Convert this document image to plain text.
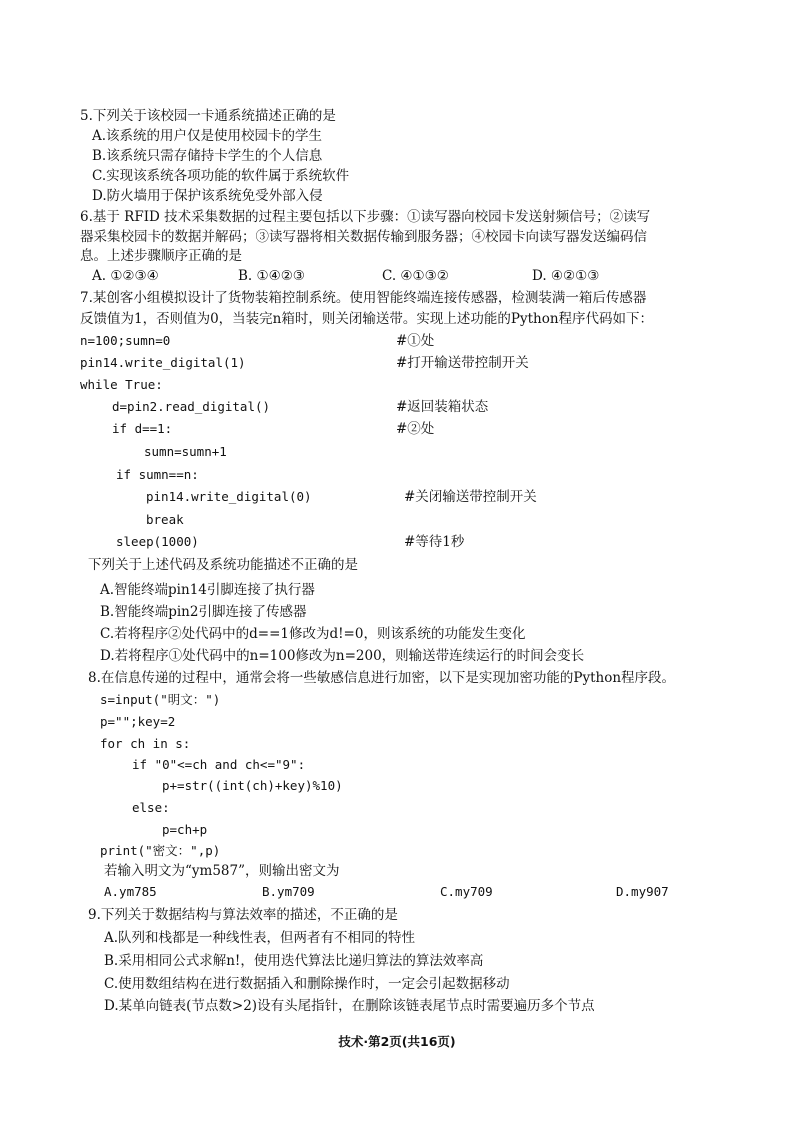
5.下列关于该校园一卡通系统描述正确的是
A.该系统的用户仅是使用校园卡的学生
B.该系统只需存储持卡学生的个人信息
C.实现该系统各项功能的软件属于系统软件
D.防火墙用于保护该系统免受外部入侵
6.基于 RFID 技术采集数据的过程主要包括以下步骤：①读写器向校园卡发送射频信号；②读写
器采集校园卡的数据并解码；③读写器将相关数据传输到服务器；④校园卡向读写器发送编码信
息。上述步骤顺序正确的是
A. ①②③④	B. ①④②③	C. ④①③②	D. ④②①③
7.某创客小组模拟设计了货物装箱控制系统。使用智能终端连接传感器，检测装满一箱后传感器
反馈值为1，否则值为0，当装完n箱时，则关闭输送带。实现上述功能的Python程序代码如下：
n=100;sumn=0	#①处
pin14.write_digital(1)	#打开输送带控制开关
while True:
d=pin2.read_digital()	#返回装箱状态
if d==1:	#②处
sumn=sumn+1
if sumn==n:
pin14.write_digital(0)	#关闭输送带控制开关
break
sleep(1000)	#等待1秒
下列关于上述代码及系统功能描述不正确的是
A.智能终端pin14引脚连接了执行器
B.智能终端pin2引脚连接了传感器
C.若将程序②处代码中的d==1修改为d!=0，则该系统的功能发生变化
D.若将程序①处代码中的n=100修改为n=200，则输送带连续运行的时间会变长
8.在信息传递的过程中，通常会将一些敏感信息进行加密，以下是实现加密功能的Python程序段。
s=input("明文：")
p="";key=2
for ch in s:
if "0"<=ch and ch<="9":
p+=str((int(ch)+key)%10)
else:
p=ch+p
print("密文：",p)
若输入明文为“ym587”，则输出密文为
A.ym785	B.ym709	C.my709	D.my907
9.下列关于数据结构与算法效率的描述，不正确的是
A.队列和栈都是一种线性表，但两者有不相同的特性
B.采用相同公式求解n!，使用迭代算法比递归算法的算法效率高
C.使用数组结构在进行数据插入和删除操作时，一定会引起数据移动
D.某单向链表(节点数>2)设有头尾指针，在删除该链表尾节点时需要遍历多个节点
技术·第2页(共16页)
